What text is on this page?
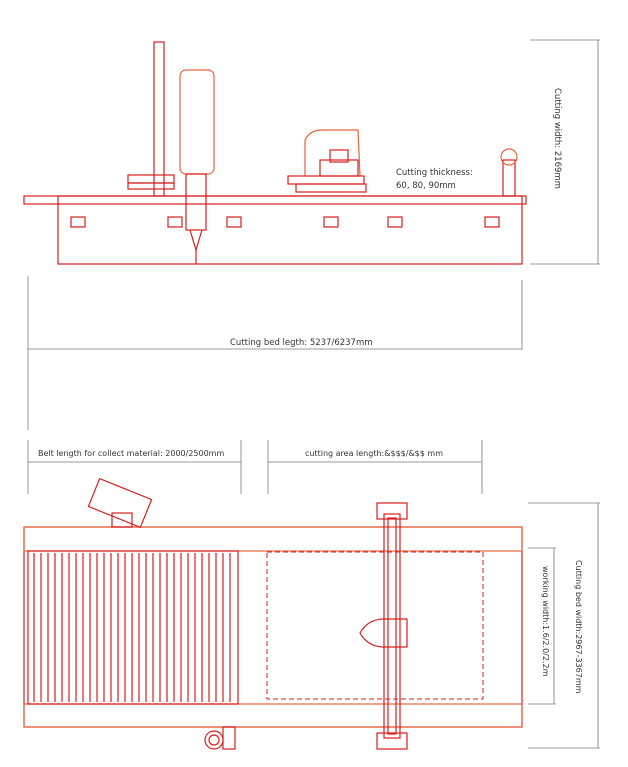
Cutting thickness:
60, 80, 90mm	Cutting width: 2169mm
Cutting bed legth: 5237/6237mm
Belt length for collect material: 2000/2500mm	cutting area length:&$$$/&$$ mm
Cutting bed width:2967-3367mm
working width:1.6/2.0/2.2m
